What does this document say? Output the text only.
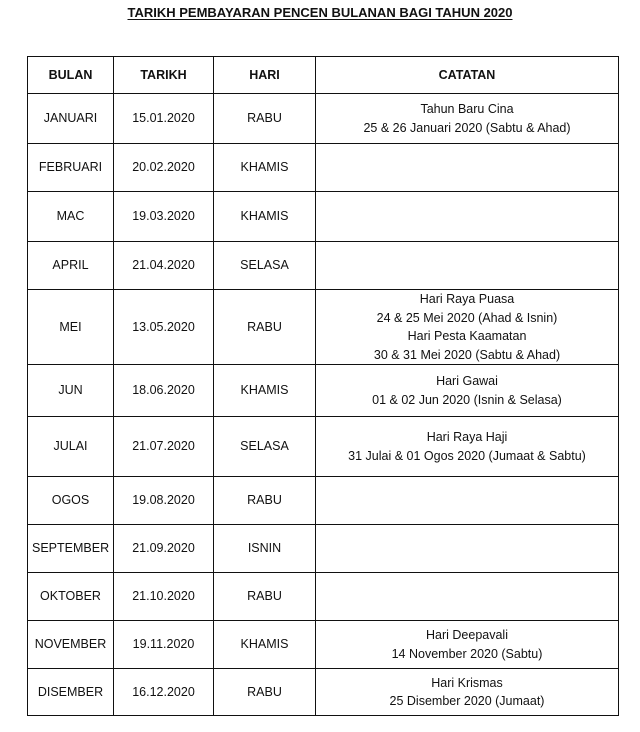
TARIKH PEMBAYARAN PENCEN BULANAN BAGI TAHUN 2020
BULAN	TARIKH	HARI	CATATAN
JANUARI	15.01.2020	RABU	Tahun Baru Cina
25 & 26 Januari 2020 (Sabtu & Ahad)

FEBRUARI	20.02.2020	KHAMIS	
MAC	19.03.2020	KHAMIS	
APRIL	21.04.2020	SELASA	
MEI	13.05.2020	RABU	Hari Raya Puasa
24 & 25 Mei 2020 (Ahad & Isnin)
Hari Pesta Kaamatan
30 & 31 Mei 2020 (Sabtu & Ahad)

JUN	18.06.2020	KHAMIS	Hari Gawai
01 & 02 Jun 2020 (Isnin & Selasa)

JULAI	21.07.2020	SELASA	Hari Raya Haji
31 Julai & 01 Ogos 2020 (Jumaat & Sabtu)

OGOS	19.08.2020	RABU	
SEPTEMBER	21.09.2020	ISNIN	
OKTOBER	21.10.2020	RABU	
NOVEMBER	19.11.2020	KHAMIS	Hari Deepavali
14 November 2020 (Sabtu)

DISEMBER	16.12.2020	RABU	Hari Krismas
25 Disember 2020 (Jumaat)
